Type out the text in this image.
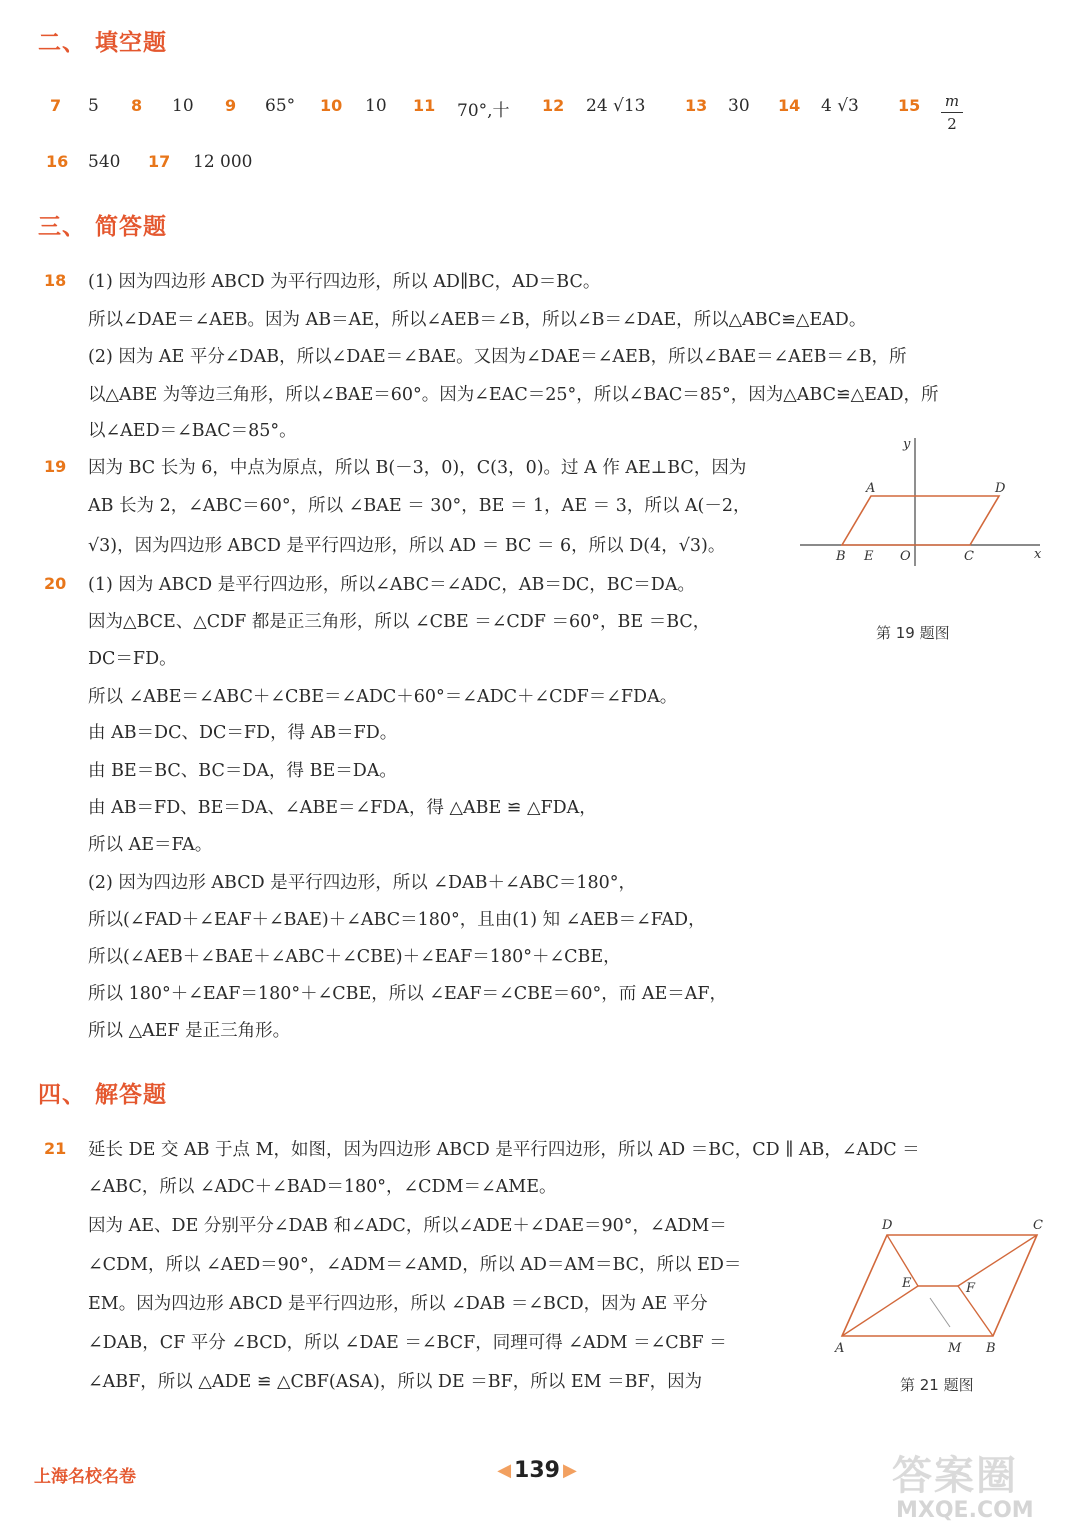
二、 填空题
7 5 8 10 9 65° 10 10 11 70°,十 12 24 √13 13 30 14 4 √3 15 m
2
16 540 17 12 000
三、 简答题
18 (1) 因为四边形 ABCD 为平行四边形，所以 AD∥BC，AD＝BC。
所以∠DAE＝∠AEB。因为 AB＝AE，所以∠AEB＝∠B，所以∠B＝∠DAE，所以△ABC≌△EAD。
(2) 因为 AE 平分∠DAB，所以∠DAE＝∠BAE。又因为∠DAE＝∠AEB，所以∠BAE＝∠AEB＝∠B，所
以△ABE 为等边三角形，所以∠BAE＝60°。因为∠EAC＝25°，所以∠BAC＝85°，因为△ABC≌△EAD，所
以∠AED＝∠BAC＝85°。
19 因为 BC 长为 6，中点为原点，所以 B(－3，0)，C(3，0)。过 A 作 AE⊥BC，因为
AB 长为 2，∠ABC＝60°，所以 ∠BAE ＝ 30°，BE ＝ 1，AE ＝ 3，所以 A(－2，
√3)，因为四边形 ABCD 是平行四边形，所以 AD ＝ BC ＝ 6，所以 D(4，√3)。
y
x
A	D
B E O	C
第 19 题图
20 (1) 因为 ABCD 是平行四边形，所以∠ABC＝∠ADC，AB＝DC，BC＝DA。
因为△BCE、△CDF 都是正三角形，所以 ∠CBE ＝∠CDF ＝60°，BE ＝BC，
DC＝FD。
所以 ∠ABE＝∠ABC＋∠CBE＝∠ADC＋60°＝∠ADC＋∠CDF＝∠FDA。
由 AB＝DC、DC＝FD，得 AB＝FD。
由 BE＝BC、BC＝DA，得 BE＝DA。
由 AB＝FD、BE＝DA、∠ABE＝∠FDA，得 △ABE ≌ △FDA，
所以 AE＝FA。
(2) 因为四边形 ABCD 是平行四边形，所以 ∠DAB＋∠ABC＝180°，
所以(∠FAD＋∠EAF＋∠BAE)＋∠ABC＝180°，且由(1) 知 ∠AEB＝∠FAD，
所以(∠AEB＋∠BAE＋∠ABC＋∠CBE)＋∠EAF＝180°＋∠CBE，
所以 180°＋∠EAF＝180°＋∠CBE，所以 ∠EAF＝∠CBE＝60°，而 AE＝AF，
所以 △AEF 是正三角形。
四、 解答题
21 延长 DE 交 AB 于点 M，如图，因为四边形 ABCD 是平行四边形，所以 AD ＝BC，CD ∥ AB，∠ADC ＝
∠ABC，所以 ∠ADC＋∠BAD＝180°，∠CDM＝∠AME。
因为 AE、DE 分别平分∠DAB 和∠ADC，所以∠ADE＋∠DAE＝90°，∠ADM＝
∠CDM，所以 ∠AED＝90°，∠ADM＝∠AMD，所以 AD＝AM＝BC，所以 ED＝
EM。因为四边形 ABCD 是平行四边形，所以 ∠DAB ＝∠BCD，因为 AE 平分
∠DAB，CF 平分 ∠BCD，所以 ∠DAE ＝∠BCF，同理可得 ∠ADM ＝∠CBF ＝
∠ABF，所以 △ADE ≌ △CBF(ASA)，所以 DE ＝BF，所以 EM ＝BF，因为
D	C
E	F
A	M B
第 21 题图
上海名校名卷	◀ 139 ▶	答案圈
MXQE.COM
